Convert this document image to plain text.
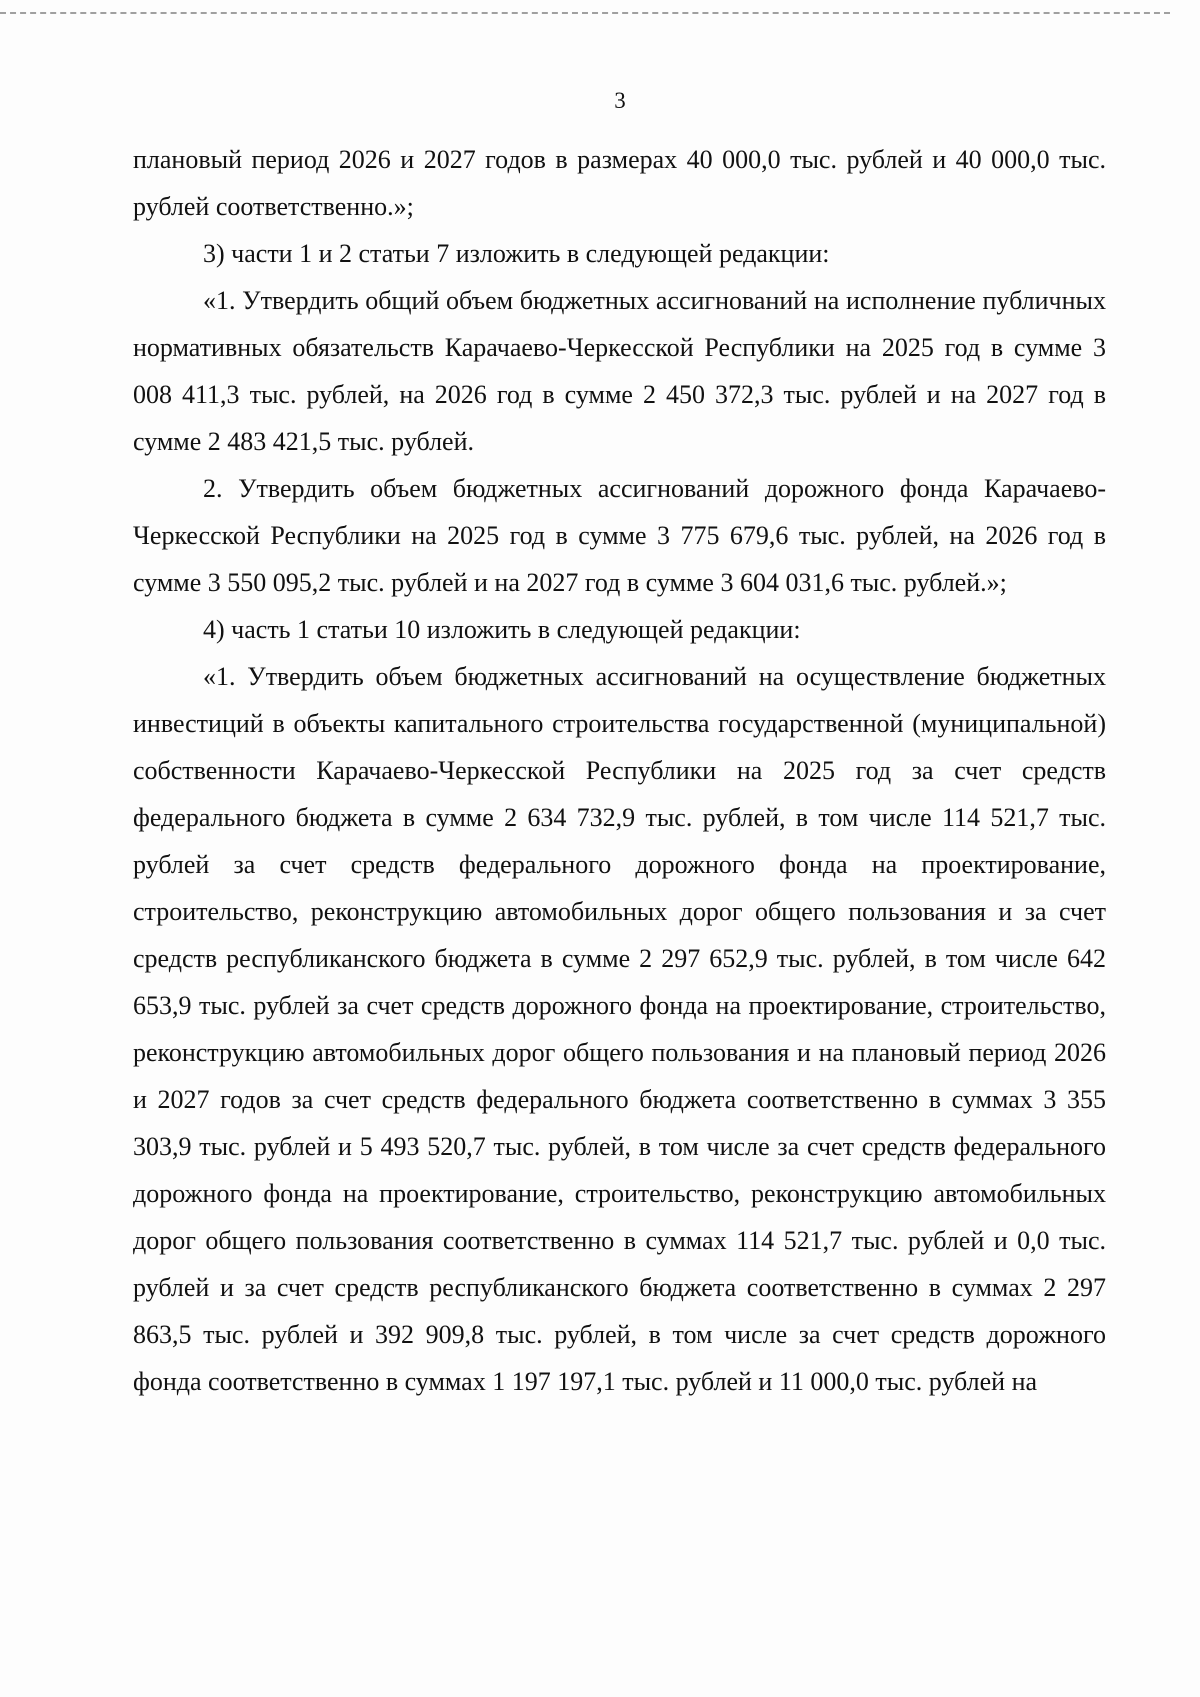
3

плановый период 2026 и 2027 годов в размерах 40 000,0 тыс. рублей и 40 000,0 тыс. рублей соответственно.»;

3) части 1 и 2 статьи 7 изложить в следующей редакции:

«1. Утвердить общий объем бюджетных ассигнований на исполнение публичных нормативных обязательств Карачаево-Черкесской Республики на 2025 год в сумме 3 008 411,3 тыс. рублей, на 2026 год в сумме 2 450 372,3 тыс. рублей и на 2027 год в сумме 2 483 421,5 тыс. рублей.

2. Утвердить объем бюджетных ассигнований дорожного фонда Карачаево-Черкесской Республики на 2025 год в сумме 3 775 679,6 тыс. рублей, на 2026 год в сумме 3 550 095,2 тыс. рублей и на 2027 год в сумме 3 604 031,6 тыс. рублей.»;

4) часть 1 статьи 10 изложить в следующей редакции:

«1. Утвердить объем бюджетных ассигнований на осуществление бюджетных инвестиций в объекты капитального строительства государственной (муниципальной) собственности Карачаево-Черкесской Республики на 2025 год за счет средств федерального бюджета в сумме 2 634 732,9 тыс. рублей, в том числе 114 521,7 тыс. рублей за счет средств федерального дорожного фонда на проектирование, строительство, реконструкцию автомобильных дорог общего пользования и за счет средств республиканского бюджета в сумме 2 297 652,9 тыс. рублей, в том числе 642 653,9 тыс. рублей за счет средств дорожного фонда на проектирование, строительство, реконструкцию автомобильных дорог общего пользования и на плановый период 2026 и 2027 годов за счет средств федерального бюджета соответственно в суммах 3 355 303,9 тыс. рублей и 5 493 520,7 тыс. рублей, в том числе за счет средств федерального дорожного фонда на проектирование, строительство, реконструкцию автомобильных дорог общего пользования соответственно в суммах 114 521,7 тыс. рублей и 0,0 тыс. рублей и за счет средств республиканского бюджета соответственно в суммах 2 297 863,5 тыс. рублей и 392 909,8 тыс. рублей, в том числе за счет средств дорожного фонда соответственно в суммах 1 197 197,1 тыс. рублей и 11 000,0 тыс. рублей на
